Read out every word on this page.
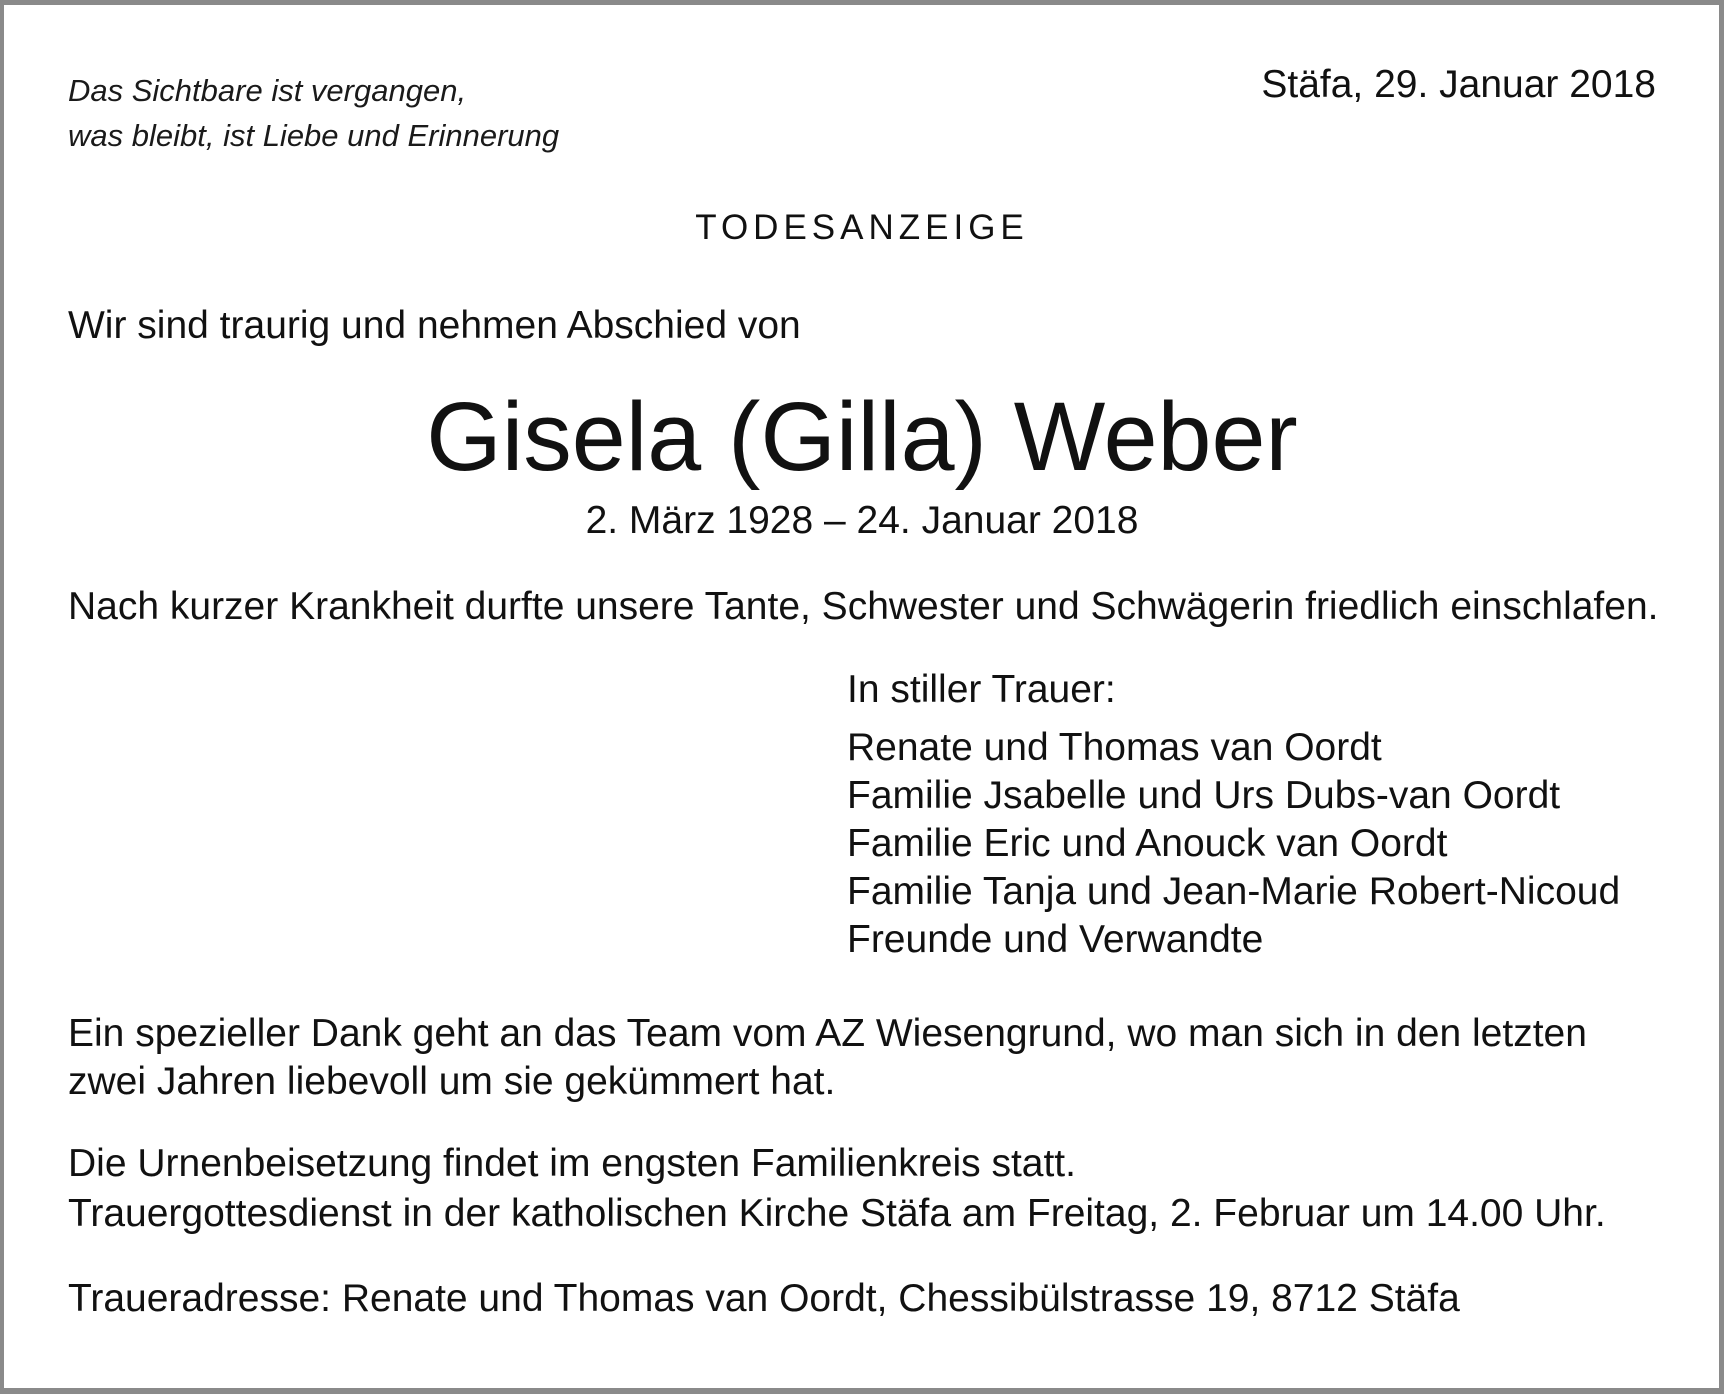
Das Sichtbare ist vergangen,
was bleibt, ist Liebe und Erinnerung
Stäfa, 29. Januar 2018
TODESANZEIGE
Wir sind traurig und nehmen Abschied von
Gisela (Gilla) Weber
2. März 1928 – 24. Januar 2018
Nach kurzer Krankheit durfte unsere Tante, Schwester und Schwägerin friedlich einschlafen.
In stiller Trauer:
Renate und Thomas van Oordt
Familie Jsabelle und Urs Dubs-van Oordt
Familie Eric und Anouck van Oordt
Familie Tanja und Jean-Marie Robert-Nicoud
Freunde und Verwandte
Ein spezieller Dank geht an das Team vom AZ Wiesengrund, wo man sich in den letzten
zwei Jahren liebevoll um sie gekümmert hat.
Die Urnenbeisetzung findet im engsten Familienkreis statt.
Trauergottesdienst in der katholischen Kirche Stäfa am Freitag, 2. Februar um 14.00 Uhr.
Traueradresse: Renate und Thomas van Oordt, Chessibülstrasse 19, 8712 Stäfa
